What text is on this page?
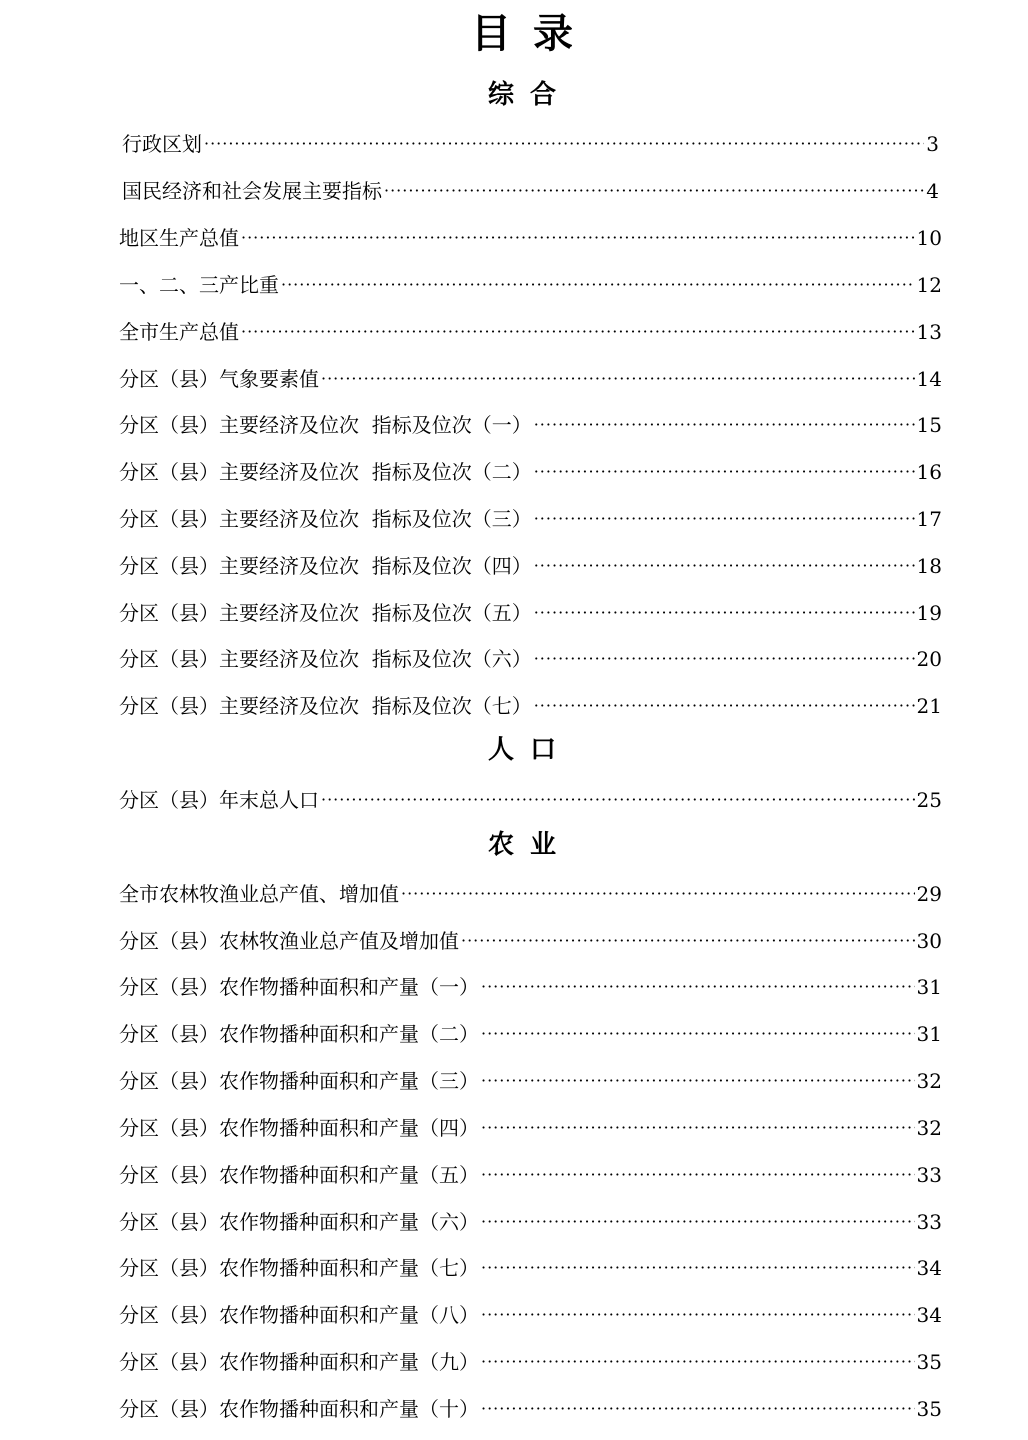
目录
综合
行政区划 ·····	3
国民经济和社会发展主要指标 ·····	4
地区生产总值 ·····	10
一、二、三产比重 ·····	12
全市生产总值 ·····	13
分区（县）气象要素值 ·····	14
分区（县）主要经济及位次  指标及位次（一） ·····	15
分区（县）主要经济及位次  指标及位次（二） ·····	16
分区（县）主要经济及位次  指标及位次（三） ·····	17
分区（县）主要经济及位次  指标及位次（四） ·····	18
分区（县）主要经济及位次  指标及位次（五） ·····	19
分区（县）主要经济及位次  指标及位次（六） ·····	20
分区（县）主要经济及位次  指标及位次（七） ·····	21
人口
分区（县）年末总人口 ·····	25
农业
全市农林牧渔业总产值、增加值 ·····	29
分区（县）农林牧渔业总产值及增加值 ·····	30
分区（县）农作物播种面积和产量（一） ·····	31
分区（县）农作物播种面积和产量（二） ·····	31
分区（县）农作物播种面积和产量（三） ·····	32
分区（县）农作物播种面积和产量（四） ·····	32
分区（县）农作物播种面积和产量（五） ·····	33
分区（县）农作物播种面积和产量（六） ·····	33
分区（县）农作物播种面积和产量（七） ·····	34
分区（县）农作物播种面积和产量（八） ·····	34
分区（县）农作物播种面积和产量（九） ·····	35
分区（县）农作物播种面积和产量（十） ·····	35
